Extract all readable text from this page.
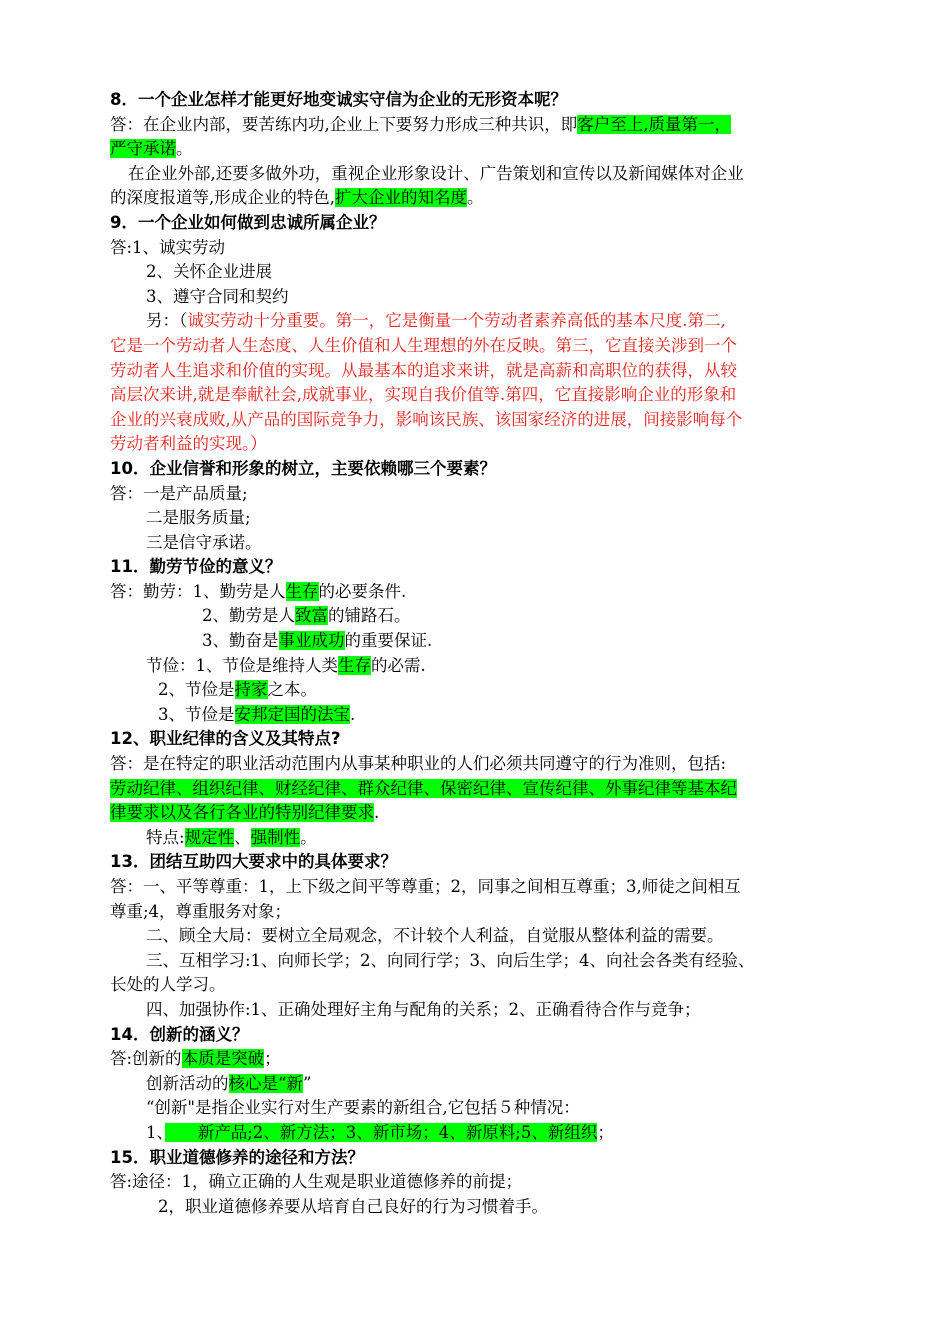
8．一个企业怎样才能更好地变诚实守信为企业的无形资本呢？

答：在企业内部，要苦练内功,企业上下要努力形成三种共识，即客户至上,质量第一，

严守承诺。

在企业外部,还要多做外功，重视企业形象设计、广告策划和宣传以及新闻媒体对企业

的深度报道等,形成企业的特色,扩大企业的知名度。

9．一个企业如何做到忠诚所属企业？

答:1、诚实劳动

2、关怀企业进展

3、遵守合同和契约

另：（诚实劳动十分重要。第一，它是衡量一个劳动者素养高低的基本尺度.第二,

它是一个劳动者人生态度、人生价值和人生理想的外在反映。第三，它直接关涉到一个

劳动者人生追求和价值的实现。从最基本的追求来讲，就是高薪和高职位的获得，从较

高层次来讲,就是奉献社会,成就事业，实现自我价值等.第四，它直接影响企业的形象和

企业的兴衰成败,从产品的国际竞争力，影响该民族、该国家经济的进展，间接影响每个

劳动者利益的实现。）

10．企业信誉和形象的树立，主要依赖哪三个要素？

答：一是产品质量;

二是服务质量;

三是信守承诺。

11．勤劳节俭的意义？

答：勤劳：1、勤劳是人生存的必要条件.

2、勤劳是人致富的铺路石。

3、勤奋是事业成功的重要保证.

节俭：1、节俭是维持人类生存的必需.

2、节俭是持家之本。

3、节俭是安邦定国的法宝.

12、职业纪律的含义及其特点?

答：是在特定的职业活动范围内从事某种职业的人们必须共同遵守的行为准则，包括:

劳动纪律、组织纪律、财经纪律、群众纪律、保密纪律、宣传纪律、外事纪律等基本纪

律要求以及各行各业的特别纪律要求.

特点:规定性、强制性。

13．团结互助四大要求中的具体要求？

答：一、平等尊重：1，上下级之间平等尊重；2，同事之间相互尊重；3,师徒之间相互

尊重;4，尊重服务对象；

二、顾全大局：要树立全局观念，不计较个人利益，自觉服从整体利益的需要。

三、互相学习:1、向师长学；2、向同行学；3、向后生学；4、向社会各类有经验、

长处的人学习。

四、加强协作:1、正确处理好主角与配角的关系；2、正确看待合作与竞争；

14．创新的涵义？

答:创新的本质是突破；

创新活动的核心是“新”

“创新"是指企业实行对生产要素的新组合,它包括５种情况：

1、　　新产品;2、新方法；3、新市场；4、新原料;5、新组织；

15．职业道德修养的途径和方法？

答:途径：1，确立正确的人生观是职业道德修养的前提；

2，职业道德修养要从培育自己良好的行为习惯着手。
